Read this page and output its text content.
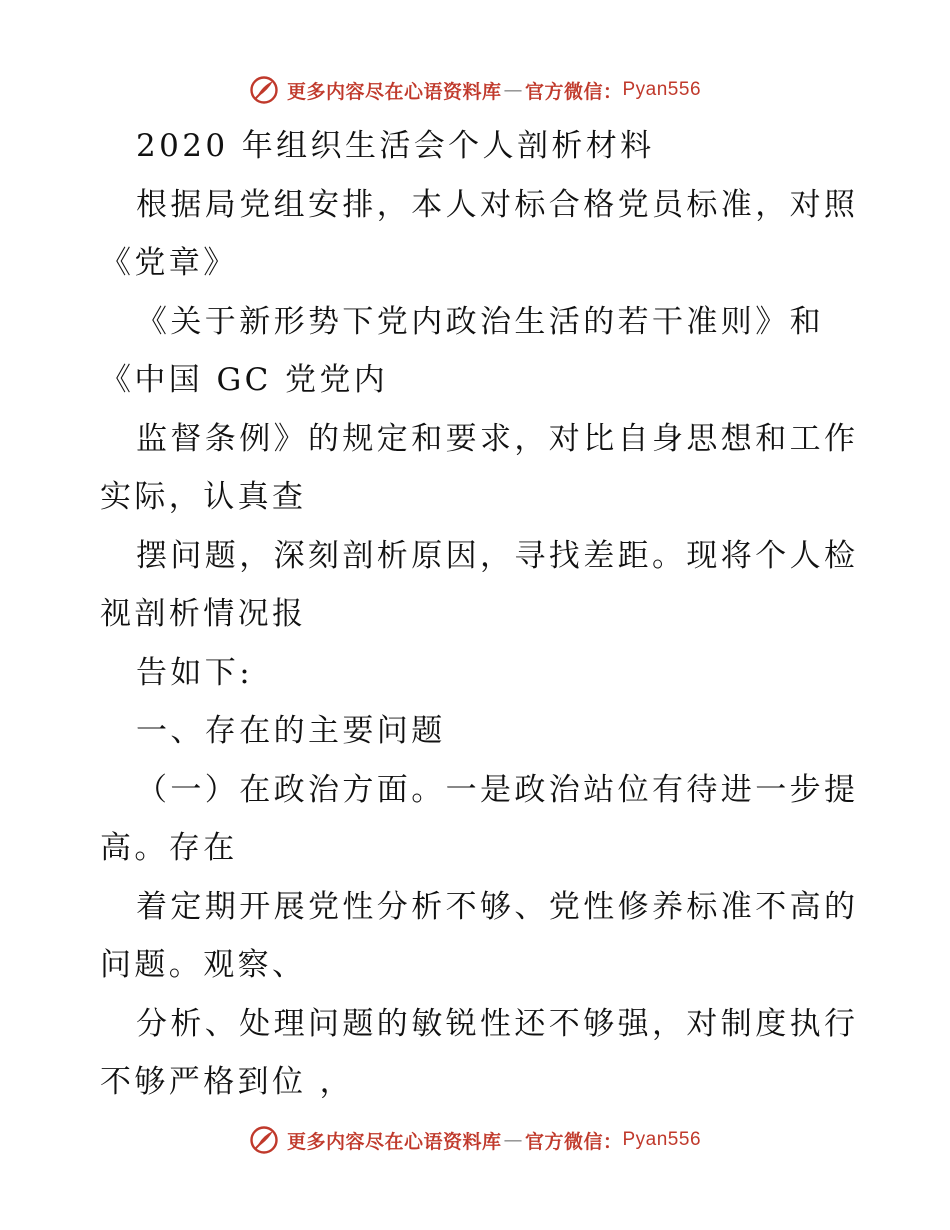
更多内容尽在心语资料库 — 官方微信： Pyan556
2020 年组织生活会个人剖析材料
根据局党组安排，本人对标合格党员标准，对照
《党章》
《关于新形势下党内政治生活的若干准则》和
《中国 GC 党党内
监督条例》的规定和要求，对比自身思想和工作
实际，认真查
摆问题，深刻剖析原因，寻找差距。现将个人检
视剖析情况报
告如下:
一、存在的主要问题
（一）在政治方面。一是政治站位有待进一步提
高。存在
着定期开展党性分析不够、党性修养标准不高的
问题。观察、
分析、处理问题的敏锐性还不够强，对制度执行
不够严格到位 ，
更多内容尽在心语资料库 — 官方微信： Pyan556
